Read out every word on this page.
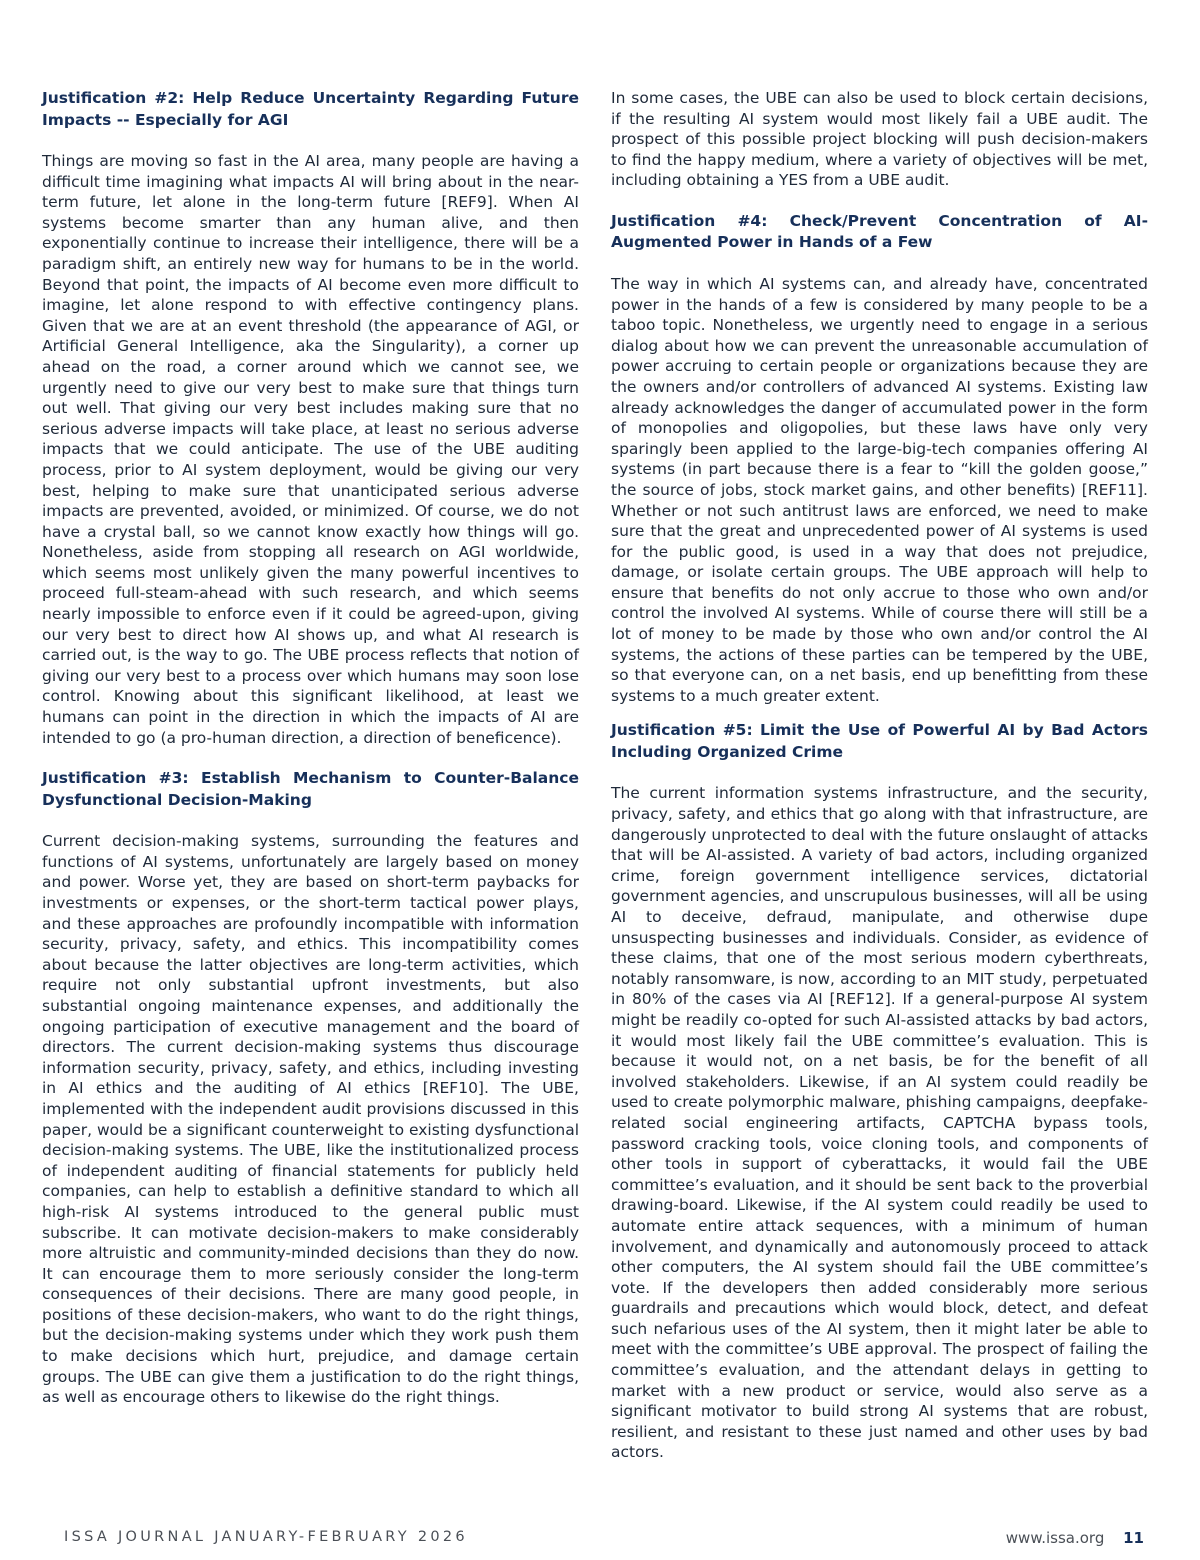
Justification #2: Help Reduce Uncertainty Regarding Future Impacts -- Especially for AGI

Things are moving so fast in the AI area, many people are having a difficult time imagining what impacts AI will bring about in the near-term future, let alone in the long-term future [REF9]. When AI systems become smarter than any human alive, and then exponentially continue to increase their intelligence, there will be a paradigm shift, an entirely new way for humans to be in the world. Beyond that point, the impacts of AI become even more difficult to imagine, let alone respond to with effective contingency plans. Given that we are at an event threshold (the appearance of AGI, or Artificial General Intelligence, aka the Singularity), a corner up ahead on the road, a corner around which we cannot see, we urgently need to give our very best to make sure that things turn out well. That giving our very best includes making sure that no serious adverse impacts will take place, at least no serious adverse impacts that we could anticipate. The use of the UBE auditing process, prior to AI system deployment, would be giving our very best, helping to make sure that unanticipated serious adverse impacts are prevented, avoided, or minimized. Of course, we do not have a crystal ball, so we cannot know exactly how things will go. Nonetheless, aside from stopping all research on AGI worldwide, which seems most unlikely given the many powerful incentives to proceed full-steam-ahead with such research, and which seems nearly impossible to enforce even if it could be agreed-upon, giving our very best to direct how AI shows up, and what AI research is carried out, is the way to go. The UBE process reflects that notion of giving our very best to a process over which humans may soon lose control. Knowing about this significant likelihood, at least we humans can point in the direction in which the impacts of AI are intended to go (a pro-human direction, a direction of beneficence).

Justification #3: Establish Mechanism to Counter-Balance Dysfunctional Decision-Making

Current decision-making systems, surrounding the features and functions of AI systems, unfortunately are largely based on money and power. Worse yet, they are based on short-term paybacks for investments or expenses, or the short-term tactical power plays, and these approaches are profoundly incompatible with information security, privacy, safety, and ethics. This incompatibility comes about because the latter objectives are long-term activities, which require not only substantial upfront investments, but also substantial ongoing maintenance expenses, and additionally the ongoing participation of executive management and the board of directors. The current decision-making systems thus discourage information security, privacy, safety, and ethics, including investing in AI ethics and the auditing of AI ethics [REF10]. The UBE, implemented with the independent audit provisions discussed in this paper, would be a significant counterweight to existing dysfunctional decision-making systems. The UBE, like the institutionalized process of independent auditing of financial statements for publicly held companies, can help to establish a definitive standard to which all high-risk AI systems introduced to the general public must subscribe. It can motivate decision-makers to make considerably more altruistic and community-minded decisions than they do now. It can encourage them to more seriously consider the long-term consequences of their decisions. There are many good people, in positions of these decision-makers, who want to do the right things, but the decision-making systems under which they work push them to make decisions which hurt, prejudice, and damage certain groups. The UBE can give them a justification to do the right things, as well as encourage others to likewise do the right things.

In some cases, the UBE can also be used to block certain decisions, if the resulting AI system would most likely fail a UBE audit. The prospect of this possible project blocking will push decision-makers to find the happy medium, where a variety of objectives will be met, including obtaining a YES from a UBE audit.

Justification #4: Check/Prevent Concentration of AI-Augmented Power in Hands of a Few

The way in which AI systems can, and already have, concentrated power in the hands of a few is considered by many people to be a taboo topic. Nonetheless, we urgently need to engage in a serious dialog about how we can prevent the unreasonable accumulation of power accruing to certain people or organizations because they are the owners and/or controllers of advanced AI systems. Existing law already acknowledges the danger of accumulated power in the form of monopolies and oligopolies, but these laws have only very sparingly been applied to the large-big-tech companies offering AI systems (in part because there is a fear to “kill the golden goose,” the source of jobs, stock market gains, and other benefits) [REF11]. Whether or not such antitrust laws are enforced, we need to make sure that the great and unprecedented power of AI systems is used for the public good, is used in a way that does not prejudice, damage, or isolate certain groups. The UBE approach will help to ensure that benefits do not only accrue to those who own and/or control the involved AI systems. While of course there will still be a lot of money to be made by those who own and/or control the AI systems, the actions of these parties can be tempered by the UBE, so that everyone can, on a net basis, end up benefitting from these systems to a much greater extent.

Justification #5: Limit the Use of Powerful AI by Bad Actors Including Organized Crime

The current information systems infrastructure, and the security, privacy, safety, and ethics that go along with that infrastructure, are dangerously unprotected to deal with the future onslaught of attacks that will be AI-assisted. A variety of bad actors, including organized crime, foreign government intelligence services, dictatorial government agencies, and unscrupulous businesses, will all be using AI to deceive, defraud, manipulate, and otherwise dupe unsuspecting businesses and individuals. Consider, as evidence of these claims, that one of the most serious modern cyberthreats, notably ransomware, is now, according to an MIT study, perpetuated in 80% of the cases via AI [REF12]. If a general-purpose AI system might be readily co-opted for such AI-assisted attacks by bad actors, it would most likely fail the UBE committee’s evaluation. This is because it would not, on a net basis, be for the benefit of all involved stakeholders. Likewise, if an AI system could readily be used to create polymorphic malware, phishing campaigns, deepfake-related social engineering artifacts, CAPTCHA bypass tools, password cracking tools, voice cloning tools, and components of other tools in support of cyberattacks, it would fail the UBE committee’s evaluation, and it should be sent back to the proverbial drawing-board. Likewise, if the AI system could readily be used to automate entire attack sequences, with a minimum of human involvement, and dynamically and autonomously proceed to attack other computers, the AI system should fail the UBE committee’s vote. If the developers then added considerably more serious guardrails and precautions which would block, detect, and defeat such nefarious uses of the AI system, then it might later be able to meet with the committee’s UBE approval. The prospect of failing the committee’s evaluation, and the attendant delays in getting to market with a new product or service, would also serve as a significant motivator to build strong AI systems that are robust, resilient, and resistant to these just named and other uses by bad actors.

ISSA JOURNAL JANUARY-FEBRUARY 2026	www.issa.org 11
